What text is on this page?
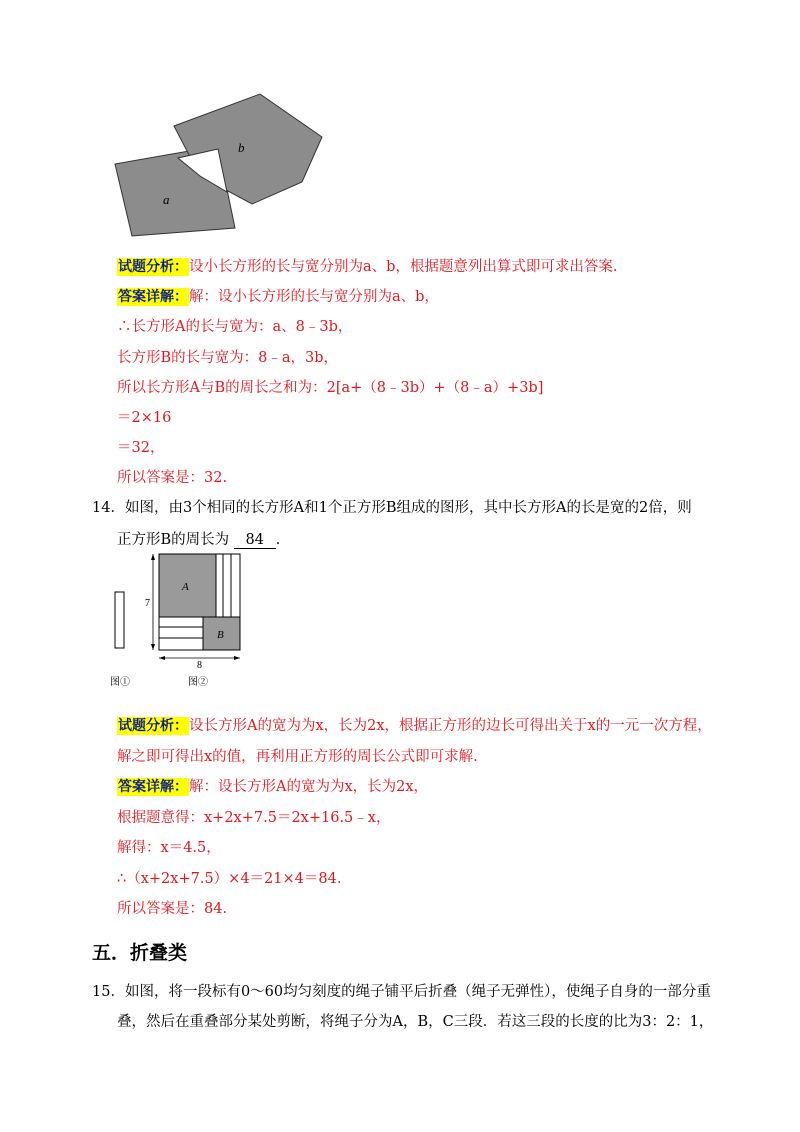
a
b
试题分析：设小长方形的长与宽分别为a、b，根据题意列出算式即可求出答案.
答案详解：解：设小长方形的长与宽分别为a、b，
∴长方形A的长与宽为：a、8﹣3b，
长方形B的长与宽为：8﹣a，3b，
所以长方形A与B的周长之和为：2[a+（8﹣3b）+（8﹣a）+3b]
＝2×16
＝32，
所以答案是：32.
14．如图，由3个相同的长方形A和1个正方形B组成的图形，其中长方形A的长是宽的2倍，则
正方形B的周长为 84 ．
A
B
7
8
图①	图②
试题分析：设长方形A的宽为为x，长为2x，根据正方形的边长可得出关于x的一元一次方程，
解之即可得出x的值，再利用正方形的周长公式即可求解.
答案详解：解：设长方形A的宽为为x，长为2x，
根据题意得：x+2x+7.5＝2x+16.5﹣x，
解得：x＝4.5，
∴（x+2x+7.5）×4＝21×4＝84.
所以答案是：84.
五．折叠类
15．如图，将一段标有0～60均匀刻度的绳子铺平后折叠（绳子无弹性），使绳子自身的一部分重
叠，然后在重叠部分某处剪断，将绳子分为A，B，C三段．若这三段的长度的比为3：2：1，
